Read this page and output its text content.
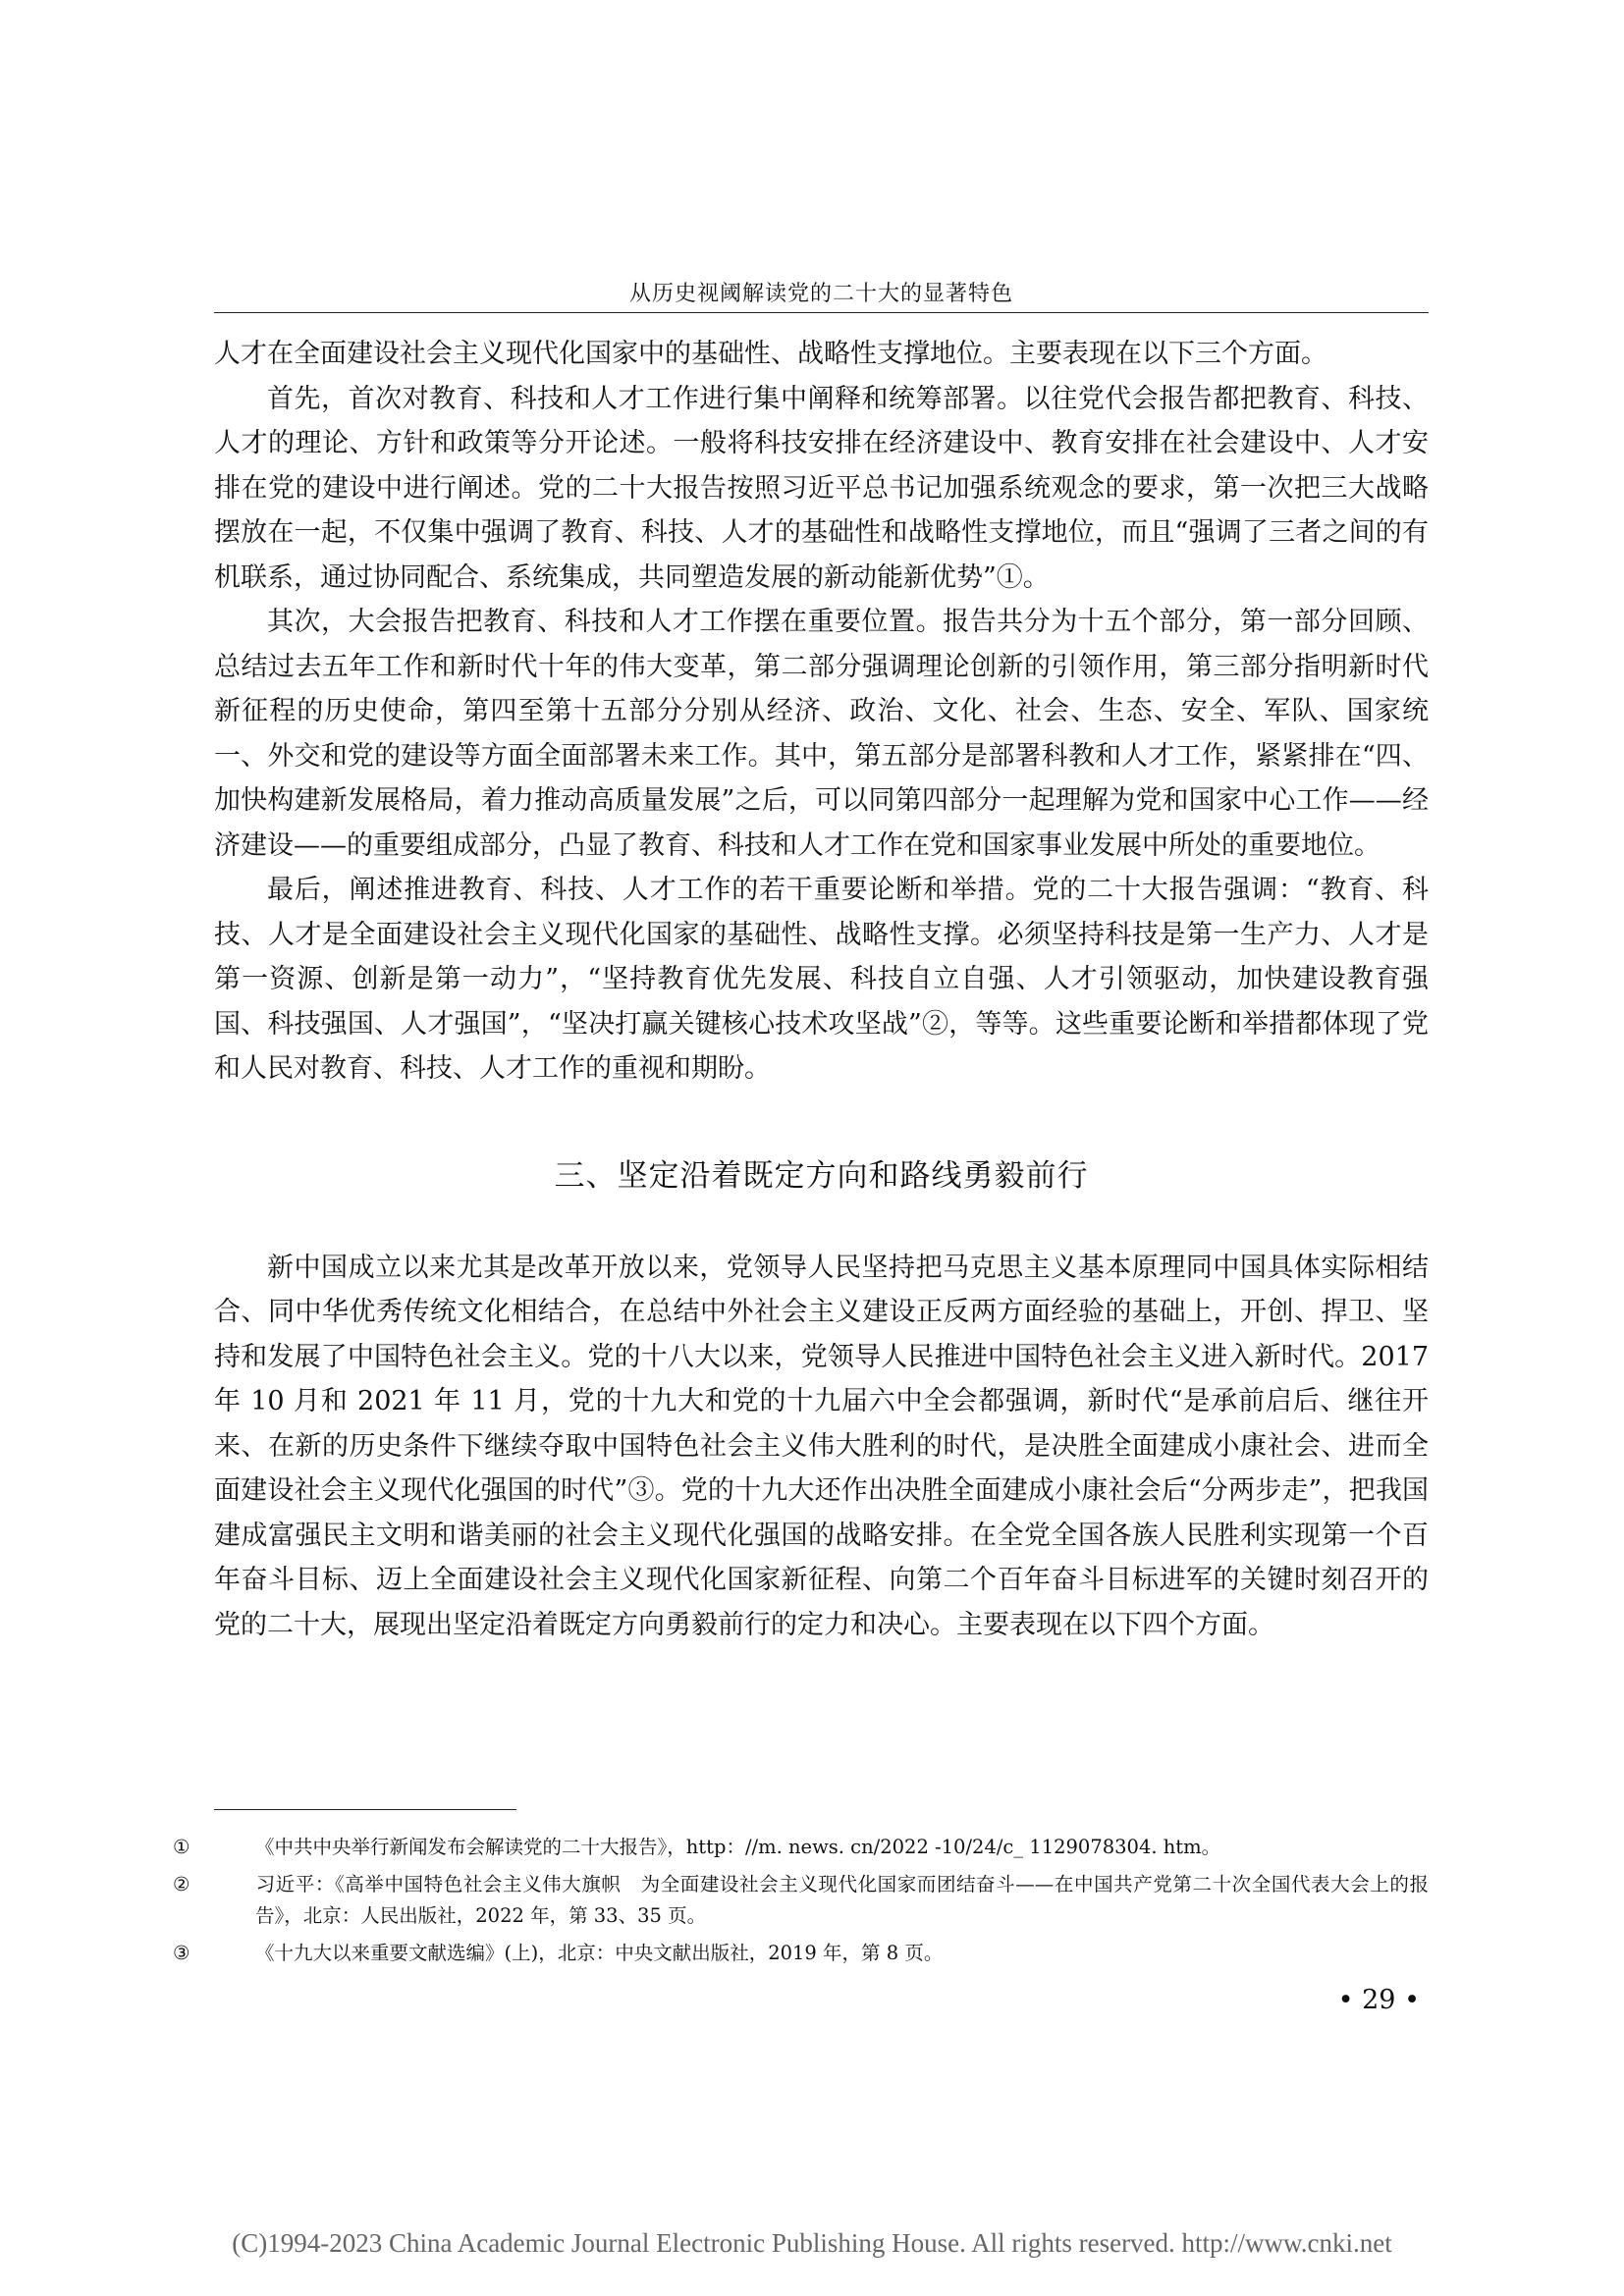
从历史视阈解读党的二十大的显著特色

人才在全面建设社会主义现代化国家中的基础性、战略性支撑地位。主要表现在以下三个方面。

首先，首次对教育、科技和人才工作进行集中阐释和统筹部署。以往党代会报告都把教育、科技、人才的理论、方针和政策等分开论述。一般将科技安排在经济建设中、教育安排在社会建设中、人才安排在党的建设中进行阐述。党的二十大报告按照习近平总书记加强系统观念的要求，第一次把三大战略摆放在一起，不仅集中强调了教育、科技、人才的基础性和战略性支撑地位，而且“强调了三者之间的有机联系，通过协同配合、系统集成，共同塑造发展的新动能新优势”①。

其次，大会报告把教育、科技和人才工作摆在重要位置。报告共分为十五个部分，第一部分回顾、总结过去五年工作和新时代十年的伟大变革，第二部分强调理论创新的引领作用，第三部分指明新时代新征程的历史使命，第四至第十五部分分别从经济、政治、文化、社会、生态、安全、军队、国家统一、外交和党的建设等方面全面部署未来工作。其中，第五部分是部署科教和人才工作，紧紧排在“四、加快构建新发展格局，着力推动高质量发展”之后，可以同第四部分一起理解为党和国家中心工作——经济建设——的重要组成部分，凸显了教育、科技和人才工作在党和国家事业发展中所处的重要地位。

最后，阐述推进教育、科技、人才工作的若干重要论断和举措。党的二十大报告强调：“教育、科技、人才是全面建设社会主义现代化国家的基础性、战略性支撑。必须坚持科技是第一生产力、人才是第一资源、创新是第一动力”，“坚持教育优先发展、科技自立自强、人才引领驱动，加快建设教育强国、科技强国、人才强国”，“坚决打赢关键核心技术攻坚战”②，等等。这些重要论断和举措都体现了党和人民对教育、科技、人才工作的重视和期盼。

三、坚定沿着既定方向和路线勇毅前行

新中国成立以来尤其是改革开放以来，党领导人民坚持把马克思主义基本原理同中国具体实际相结合、同中华优秀传统文化相结合，在总结中外社会主义建设正反两方面经验的基础上，开创、捍卫、坚持和发展了中国特色社会主义。党的十八大以来，党领导人民推进中国特色社会主义进入新时代。2017 年 10 月和 2021 年 11 月，党的十九大和党的十九届六中全会都强调，新时代“是承前启后、继往开来、在新的历史条件下继续夺取中国特色社会主义伟大胜利的时代，是决胜全面建成小康社会、进而全面建设社会主义现代化强国的时代”③。党的十九大还作出决胜全面建成小康社会后“分两步走”，把我国建成富强民主文明和谐美丽的社会主义现代化强国的战略安排。在全党全国各族人民胜利实现第一个百年奋斗目标、迈上全面建设社会主义现代化国家新征程、向第二个百年奋斗目标进军的关键时刻召开的党的二十大，展现出坚定沿着既定方向勇毅前行的定力和决心。主要表现在以下四个方面。

①	《中共中央举行新闻发布会解读党的二十大报告》，http：//m. news. cn/2022 -10/24/c_ 1129078304. htm。

②	习近平：《高举中国特色社会主义伟大旗帜　为全面建设社会主义现代化国家而团结奋斗——在中国共产党第二十次全国代表大会上的报告》，北京：人民出版社，2022 年，第 33、35 页。

③	《十九大以来重要文献选编》(上)，北京：中央文献出版社，2019 年，第 8 页。

• 29 •
(C)1994-2023 China Academic Journal Electronic Publishing House. All rights reserved. http://www.cnki.net
